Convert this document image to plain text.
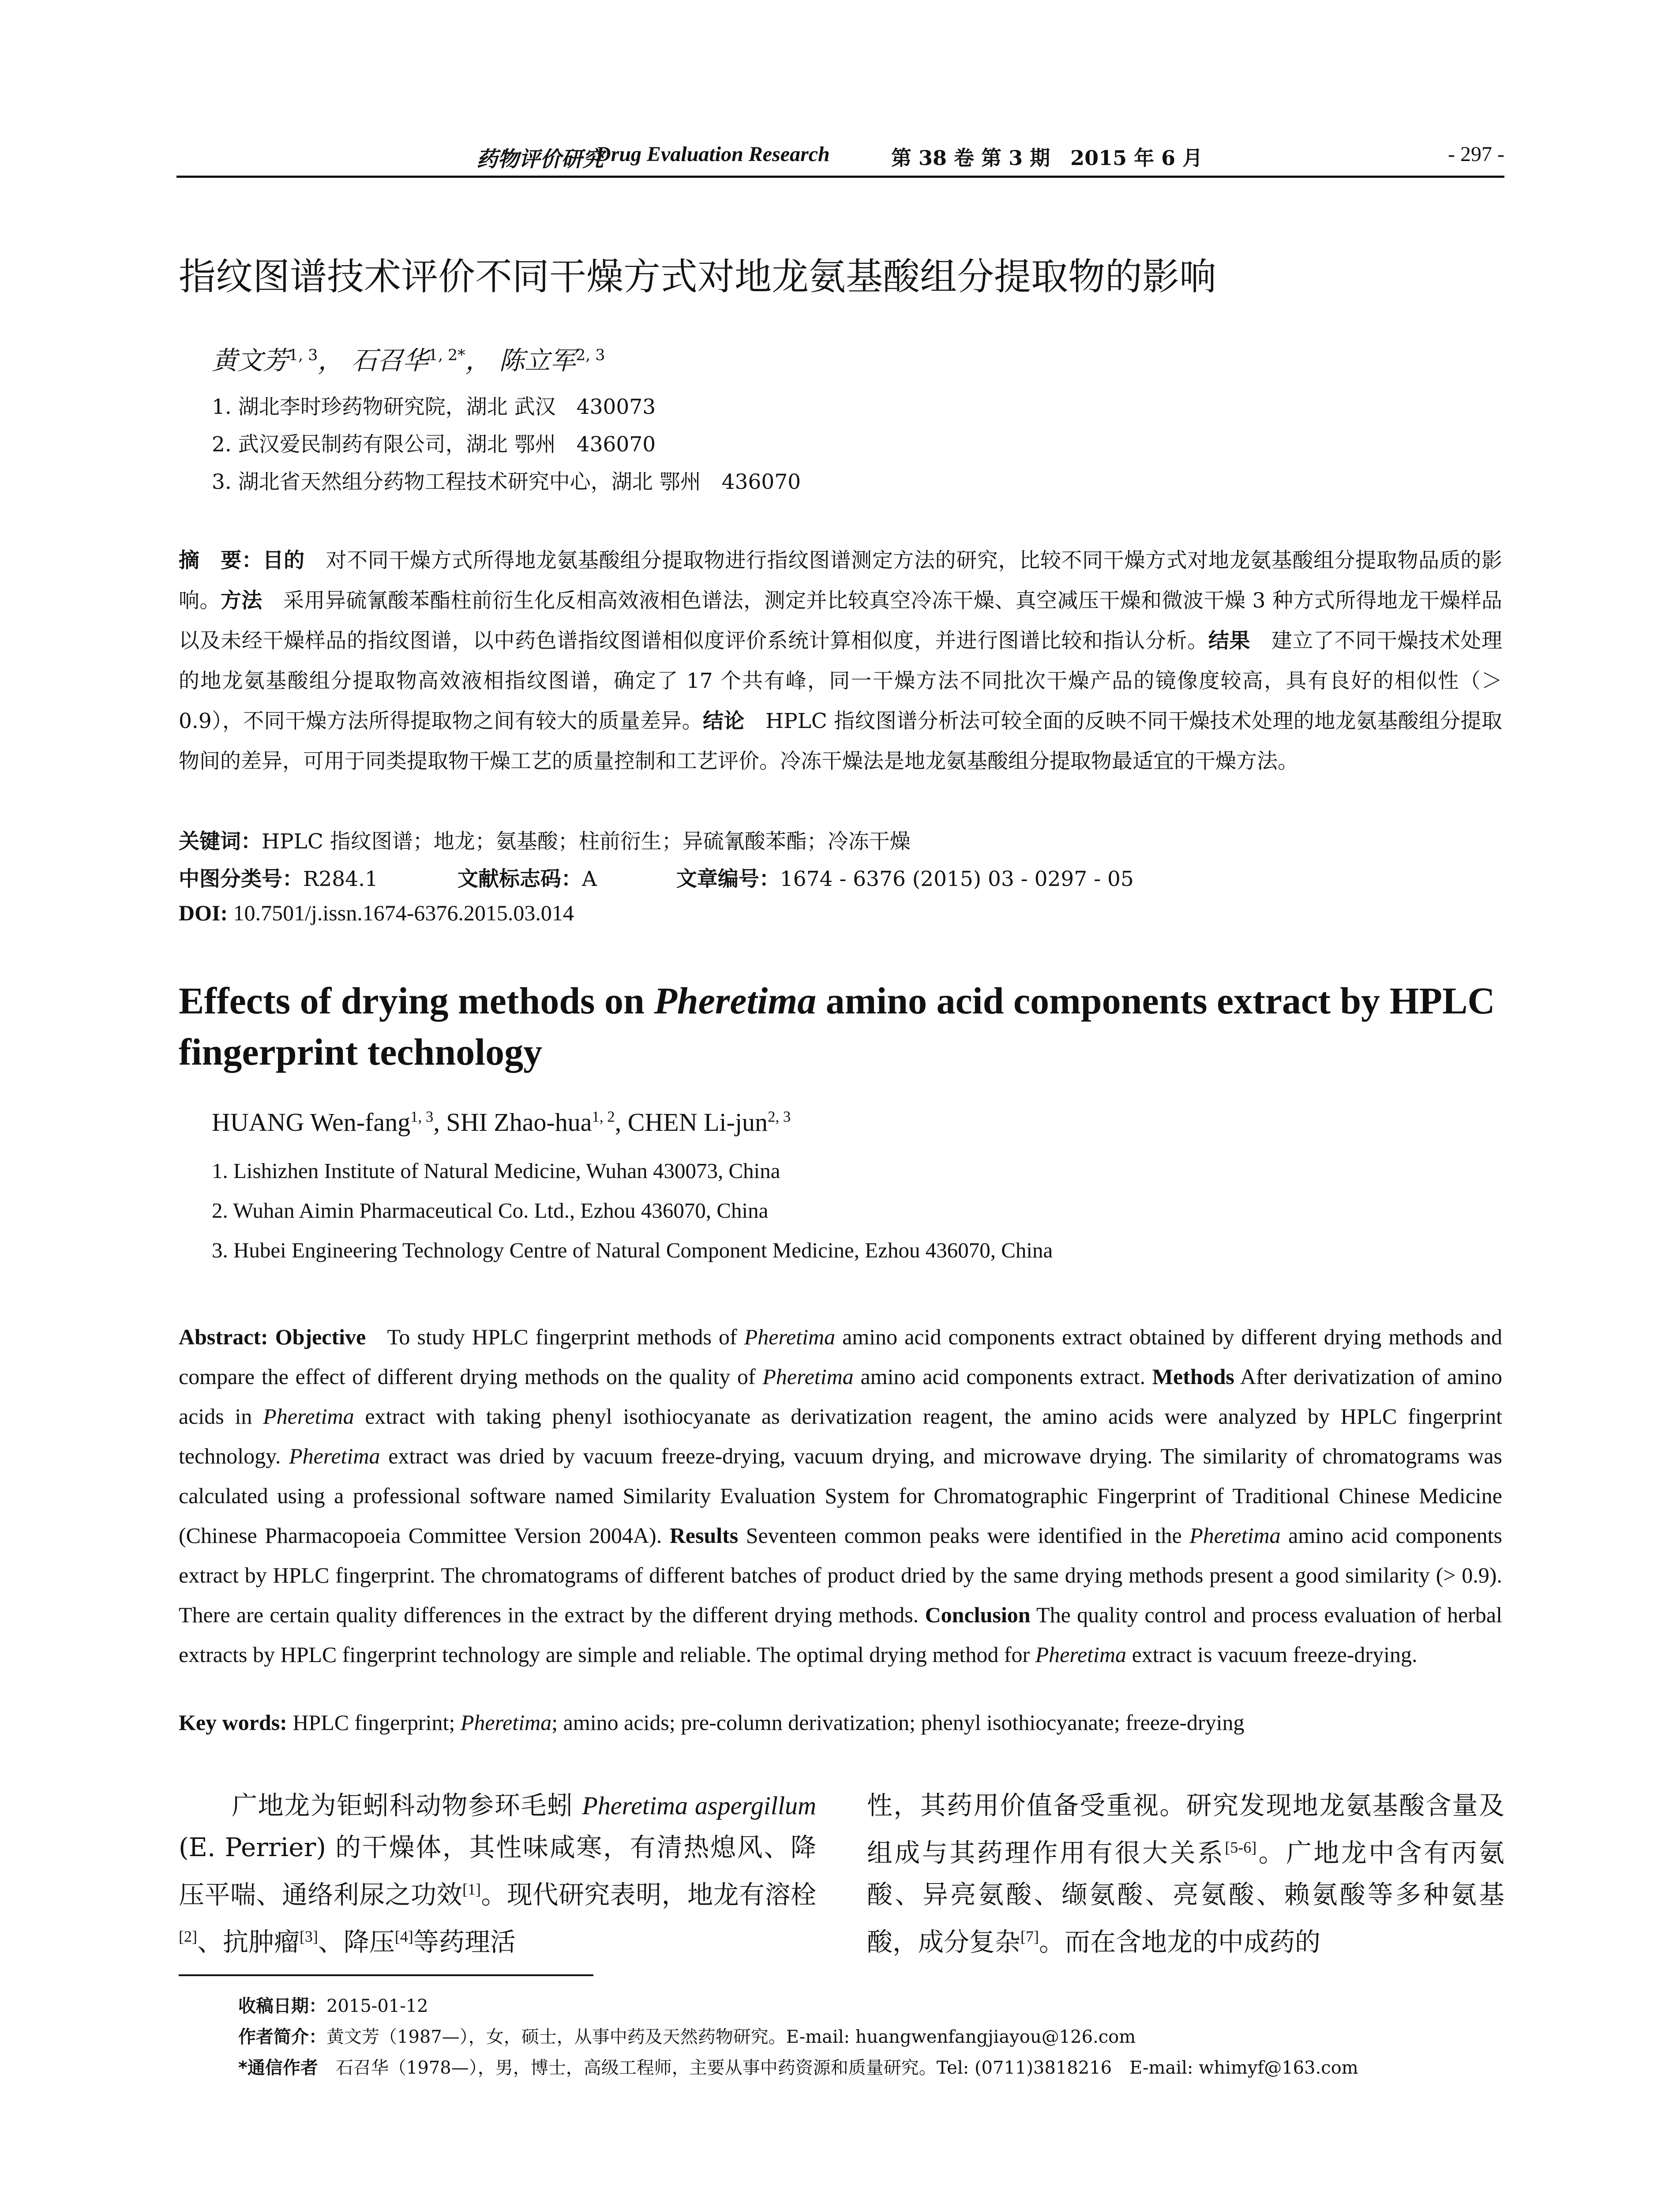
药物评价研究
Drug Evaluation Research	第 38 卷 第 3 期　2015 年 6 月	- 297 -
指纹图谱技术评价不同干燥方式对地龙氨基酸组分提取物的影响
黄文芳$^{1, 3}$， 石召华$^{1, 2*}$， 陈立军$^{2, 3}$
1. 湖北李时珍药物研究院，湖北 武汉　430073
2. 武汉爱民制药有限公司，湖北 鄂州　436070
3. 湖北省天然组分药物工程技术研究中心，湖北 鄂州　436070
摘　要：目的　 对不同干燥方式所得地龙氨基酸组分提取物进行指纹图谱测定方法的研究，比较不同干燥方式对地龙氨基酸组分提取物品质的影响。方法　 采用异硫氰酸苯酯柱前衍生化反相高效液相色谱法，测定并比较真空冷冻干燥、真空减压干燥和微波干燥 3 种方式所得地龙干燥样品以及未经干燥样品的指纹图谱，以中药色谱指纹图谱相似度评价系统计算相似度，并进行图谱比较和指认分析。结果　 建立了不同干燥技术处理的地龙氨基酸组分提取物高效液相指纹图谱，确定了 17 个共有峰，同一干燥方法不同批次干燥产品的镜像度较高，具有良好的相似性（＞0.9），不同干燥方法所得提取物之间有较大的质量差异。结论　 HPLC 指纹图谱分析法可较全面的反映不同干燥技术处理的地龙氨基酸组分提取物间的差异，可用于同类提取物干燥工艺的质量控制和工艺评价。冷冻干燥法是地龙氨基酸组分提取物最适宜的干燥方法。
关键词：HPLC 指纹图谱；地龙；氨基酸；柱前衍生；异硫氰酸苯酯；冷冻干燥
中图分类号：R284.1	文献标志码：A	文章编号：1674 - 6376 (2015) 03 - 0297 - 05
DOI: 10.7501/j.issn.1674-6376.2015.03.014
Effects of drying methods on Pheretima amino acid components extract by HPLC fingerprint technology
HUANG Wen-fang$^{1, 3}$, SHI Zhao-hua$^{1, 2}$, CHEN Li-jun$^{2, 3}$
1. Lishizhen Institute of Natural Medicine, Wuhan 430073, China
2. Wuhan Aimin Pharmaceutical Co. Ltd., Ezhou 436070, China
3. Hubei Engineering Technology Centre of Natural Component Medicine, Ezhou 436070, China
Abstract: Objective To study HPLC fingerprint methods of Pheretima amino acid components extract obtained by different drying methods and compare the effect of different drying methods on the quality of Pheretima amino acid components extract. Methods After derivatization of amino acids in Pheretima extract with taking phenyl isothiocyanate as derivatization reagent, the amino acids were analyzed by HPLC fingerprint technology. Pheretima extract was dried by vacuum freeze-drying, vacuum drying, and microwave drying. The similarity of chromatograms was calculated using a professional software named Similarity Evaluation System for Chromatographic Fingerprint of Traditional Chinese Medicine (Chinese Pharmacopoeia Committee Version 2004A). Results Seventeen common peaks were identified in the Pheretima amino acid components extract by HPLC fingerprint. The chromatograms of different batches of product dried by the same drying methods present a good similarity (> 0.9). There are certain quality differences in the extract by the different drying methods. Conclusion The quality control and process evaluation of herbal extracts by HPLC fingerprint technology are simple and reliable. The optimal drying method for Pheretima extract is vacuum freeze-drying.
Key words: HPLC fingerprint; Pheretima; amino acids; pre-column derivatization; phenyl isothiocyanate; freeze-drying
广地龙为钜蚓科动物参环毛蚓 Pheretima aspergillum (E. Perrier) 的干燥体，其性味咸寒，有清热熄风、降压平喘、通络利尿之功效[1]。现代研究表明，地龙有溶栓[2]、抗肿瘤[3]、降压[4]等药理活
性，其药用价值备受重视。研究发现地龙氨基酸含量及组成与其药理作用有很大关系[5-6]。广地龙中含有丙氨酸、异亮氨酸、缬氨酸、亮氨酸、赖氨酸等多种氨基酸，成分复杂[7]。而在含地龙的中成药的
收稿日期：2015-01-12
作者简介：黄文芳（1987—），女，硕士，从事中药及天然药物研究。E-mail: huangwenfangjiayou@126.com
*通信作者　石召华（1978—），男，博士，高级工程师，主要从事中药资源和质量研究。Tel: (0711)3818216　E-mail: whimyf@163.com
